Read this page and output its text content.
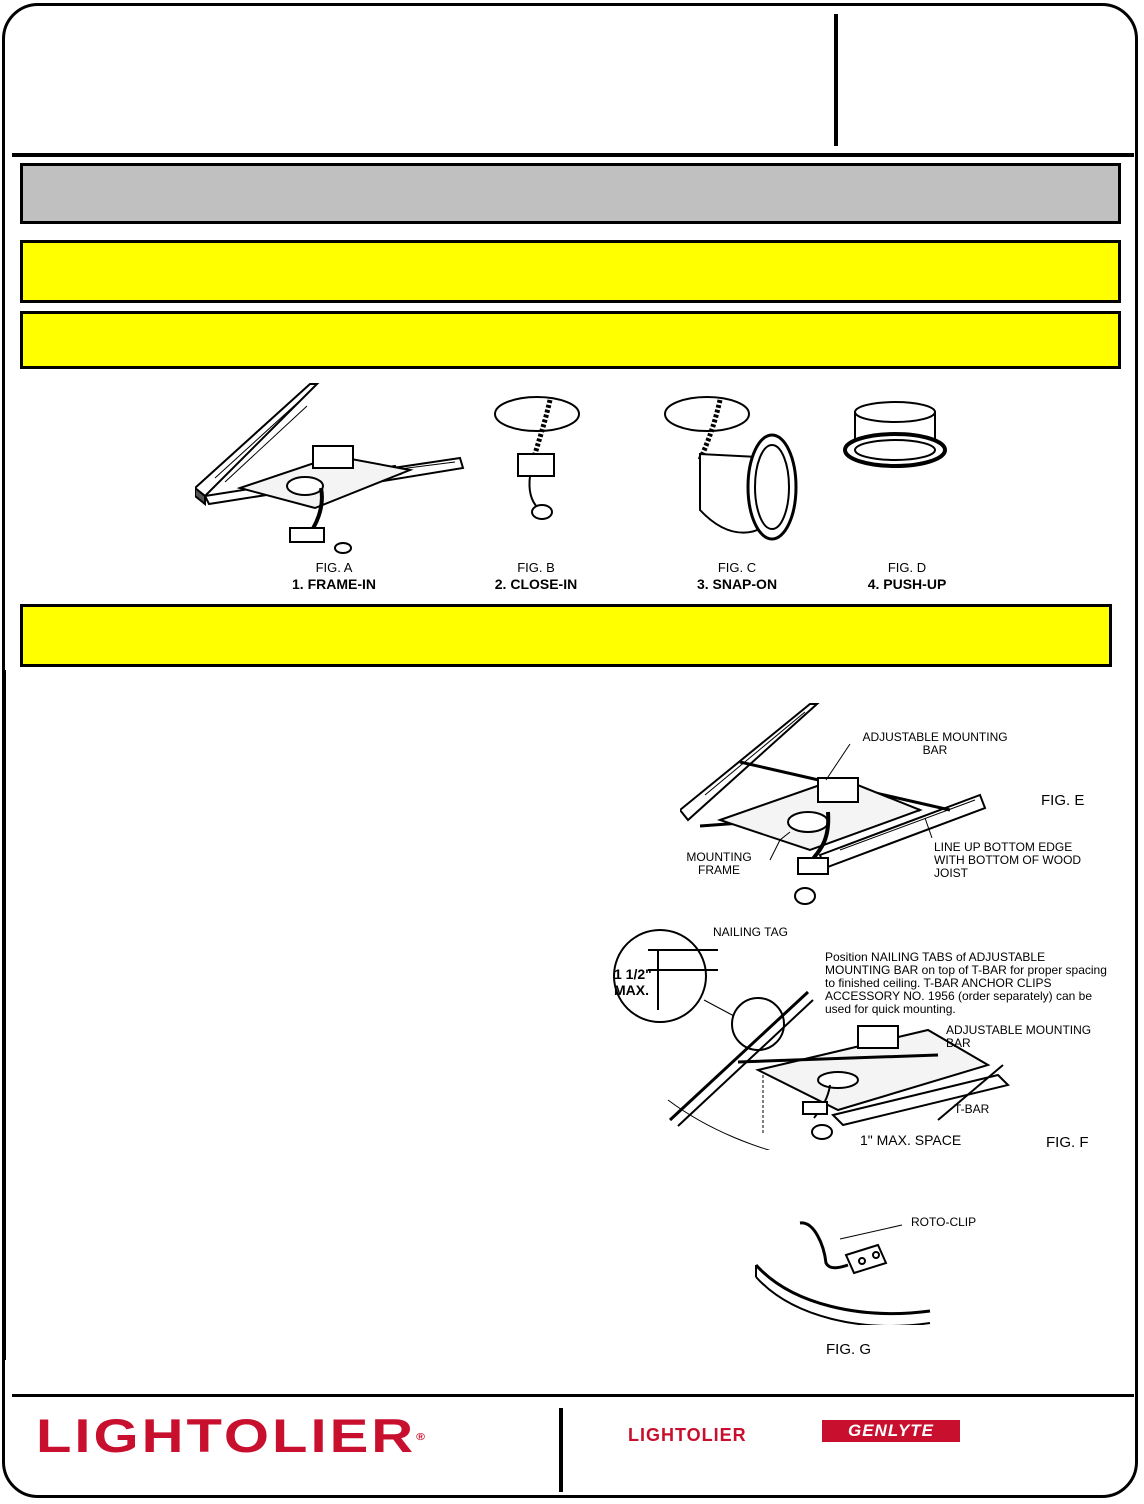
FIG. A
1. FRAME-IN
FIG. B
2. CLOSE-IN
FIG. C
3. SNAP-ON
FIG. D
4. PUSH-UP
ADJUSTABLE MOUNTING BAR
MOUNTING FRAME
LINE UP BOTTOM EDGE WITH BOTTOM OF WOOD JOIST
FIG. E
NAILING TAG
1 1/2"
MAX.
Position NAILING TABS of ADJUSTABLE MOUNTING BAR on top of T-BAR for proper spacing to finished ceiling. T-BAR ANCHOR CLIPS ACCESSORY NO. 1956 (order separately) can be used for quick mounting.
ADJUSTABLE MOUNTING BAR
T-BAR
1" MAX. SPACE	FIG. F
ROTO-CLIP
FIG. G
LIGHTOLIER®	LIGHTOLIER	GENLYTE
